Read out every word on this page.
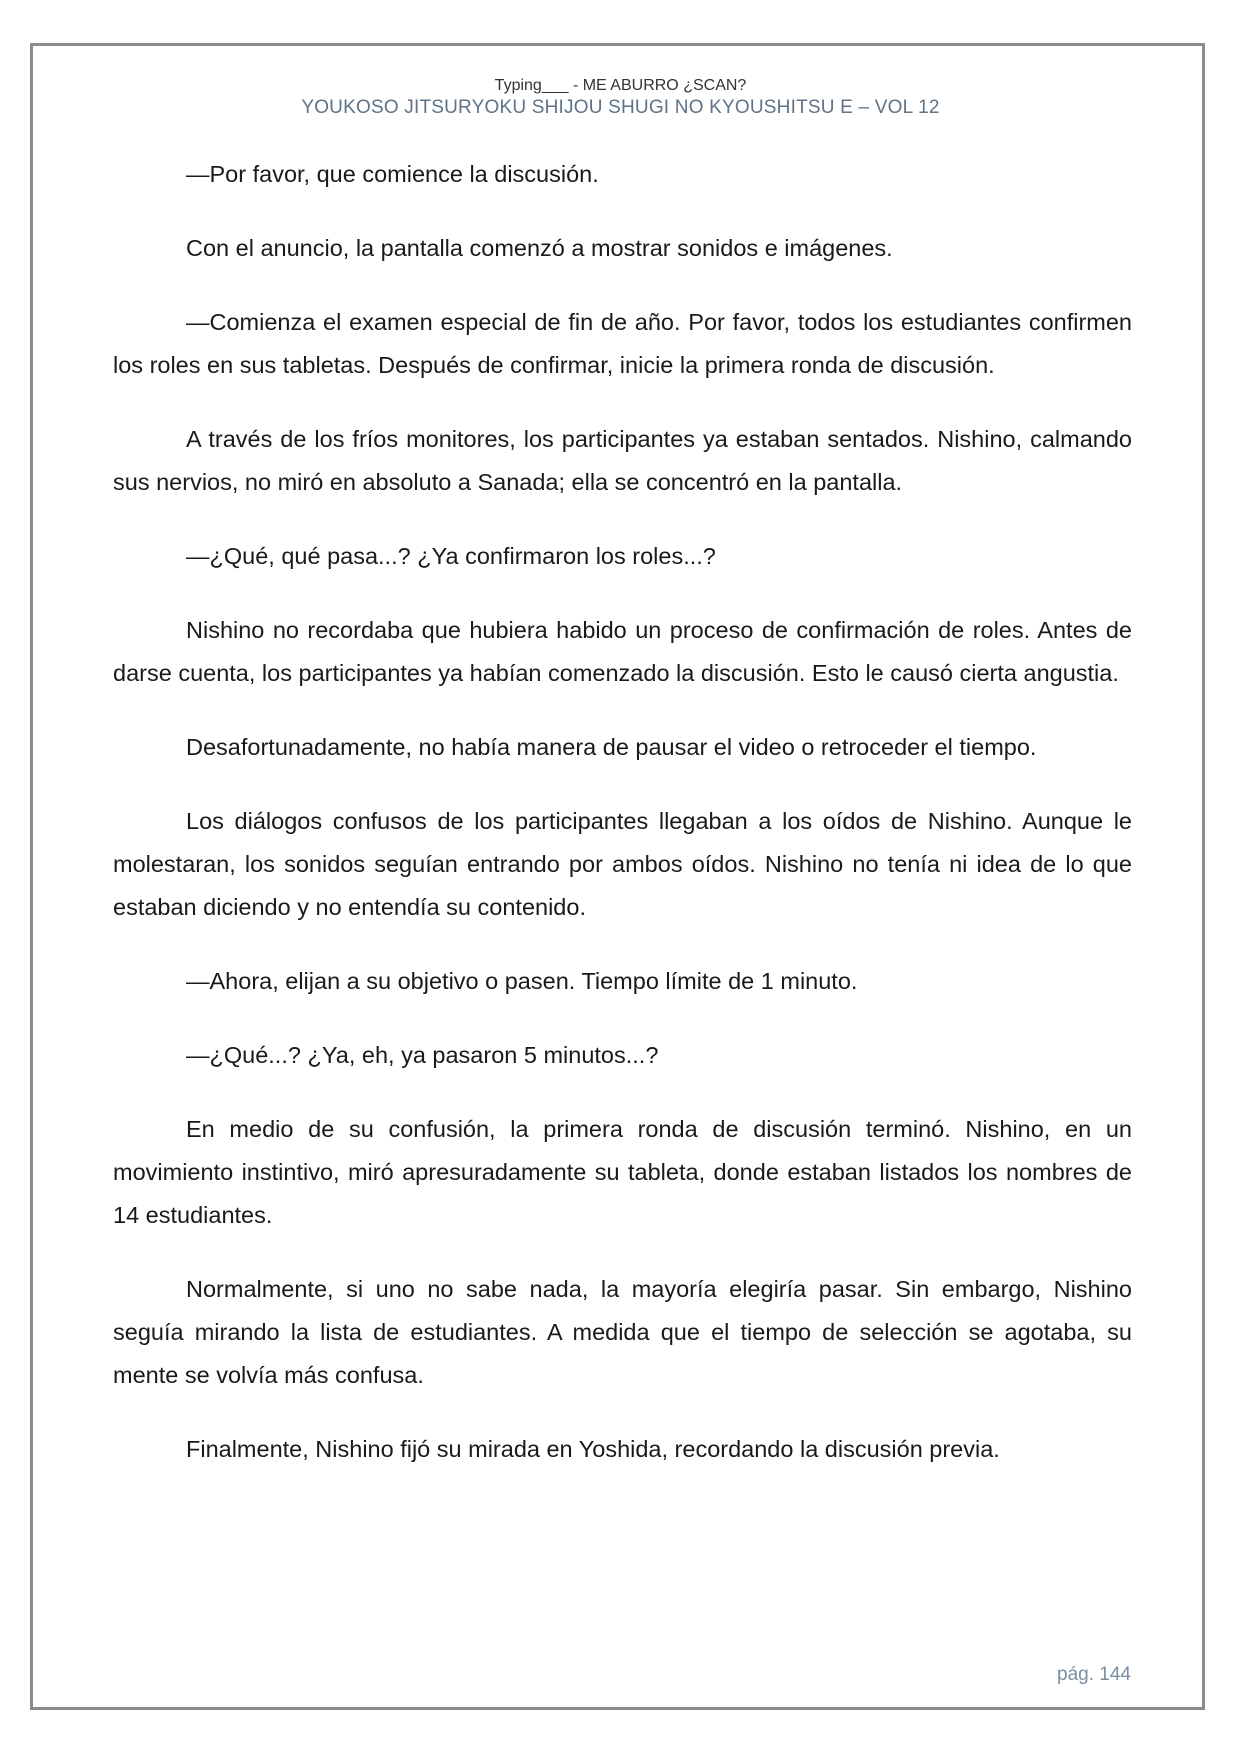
Typing___ - ME ABURRO ¿SCAN?
YOUKOSO JITSURYOKU SHIJOU SHUGI NO KYOUSHITSU E – VOL 12

—Por favor, que comience la discusión.

Con el anuncio, la pantalla comenzó a mostrar sonidos e imágenes.

—Comienza el examen especial de fin de año. Por favor, todos los estudiantes confirmen los roles en sus tabletas. Después de confirmar, inicie la primera ronda de discusión.

A través de los fríos monitores, los participantes ya estaban sentados. Nishino, calmando sus nervios, no miró en absoluto a Sanada; ella se concentró en la pantalla.

—¿Qué, qué pasa...? ¿Ya confirmaron los roles...?

Nishino no recordaba que hubiera habido un proceso de confirmación de roles. Antes de darse cuenta, los participantes ya habían comenzado la discusión. Esto le causó cierta angustia.

Desafortunadamente, no había manera de pausar el video o retroceder el tiempo.

Los diálogos confusos de los participantes llegaban a los oídos de Nishino. Aunque le molestaran, los sonidos seguían entrando por ambos oídos. Nishino no tenía ni idea de lo que estaban diciendo y no entendía su contenido.

—Ahora, elijan a su objetivo o pasen. Tiempo límite de 1 minuto.

—¿Qué...? ¿Ya, eh, ya pasaron 5 minutos...?

En medio de su confusión, la primera ronda de discusión terminó. Nishino, en un movimiento instintivo, miró apresuradamente su tableta, donde estaban listados los nombres de 14 estudiantes.

Normalmente, si uno no sabe nada, la mayoría elegiría pasar. Sin embargo, Nishino seguía mirando la lista de estudiantes. A medida que el tiempo de selección se agotaba, su mente se volvía más confusa.

Finalmente, Nishino fijó su mirada en Yoshida, recordando la discusión previa.

pág. 144
